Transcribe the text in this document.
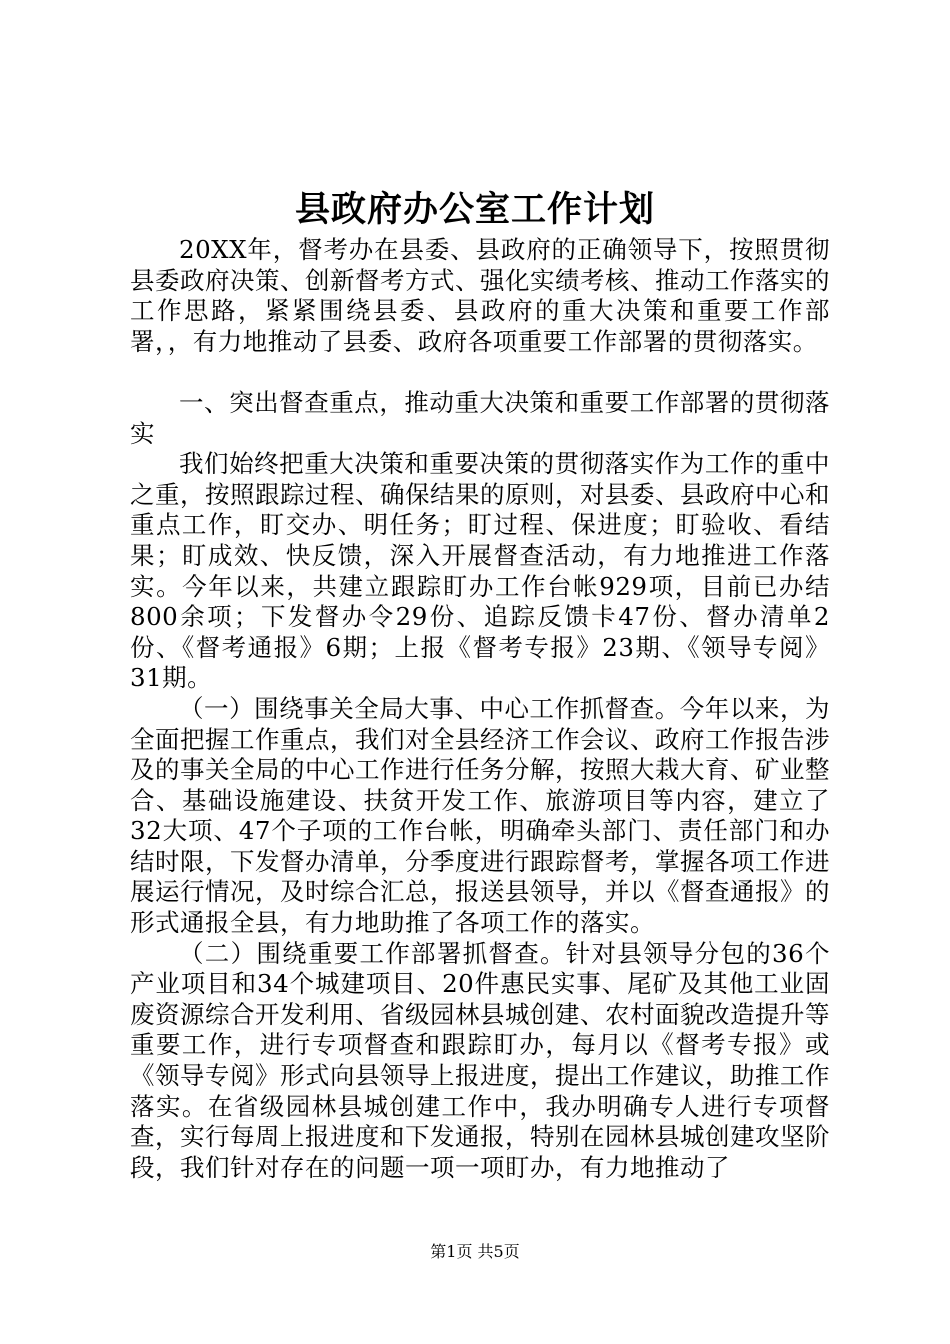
县政府办公室工作计划

20XX年，督考办在县委、县政府的正确领导下，按照贯彻县委政府决策、创新督考方式、强化实绩考核、推动工作落实的工作思路，紧紧围绕县委、县政府的重大决策和重要工作部署，，有力地推动了县委、政府各项重要工作部署的贯彻落实。

一、突出督查重点，推动重大决策和重要工作部署的贯彻落实

我们始终把重大决策和重要决策的贯彻落实作为工作的重中之重，按照跟踪过程、确保结果的原则，对县委、县政府中心和重点工作，盯交办、明任务；盯过程、保进度；盯验收、看结果；盯成效、快反馈，深入开展督查活动，有力地推进工作落实。今年以来，共建立跟踪盯办工作台帐929项，目前已办结800余项；下发督办令29份、追踪反馈卡47份、督办清单2份、《督考通报》6期；上报《督考专报》23期、《领导专阅》31期。

（一）围绕事关全局大事、中心工作抓督查。今年以来，为全面把握工作重点，我们对全县经济工作会议、政府工作报告涉及的事关全局的中心工作进行任务分解，按照大栽大育、矿业整合、基础设施建设、扶贫开发工作、旅游项目等内容，建立了32大项、47个子项的工作台帐，明确牵头部门、责任部门和办结时限，下发督办清单，分季度进行跟踪督考，掌握各项工作进展运行情况，及时综合汇总，报送县领导，并以《督查通报》的形式通报全县，有力地助推了各项工作的落实。

（二）围绕重要工作部署抓督查。针对县领导分包的36个产业项目和34个城建项目、20件惠民实事、尾矿及其他工业固废资源综合开发利用、省级园林县城创建、农村面貌改造提升等重要工作，进行专项督查和跟踪盯办，每月以《督考专报》或《领导专阅》形式向县领导上报进度，提出工作建议，助推工作落实。在省级园林县城创建工作中，我办明确专人进行专项督查，实行每周上报进度和下发通报，特别在园林县城创建攻坚阶段，我们针对存在的问题一项一项盯办，有力地推动了

第1页 共5页
